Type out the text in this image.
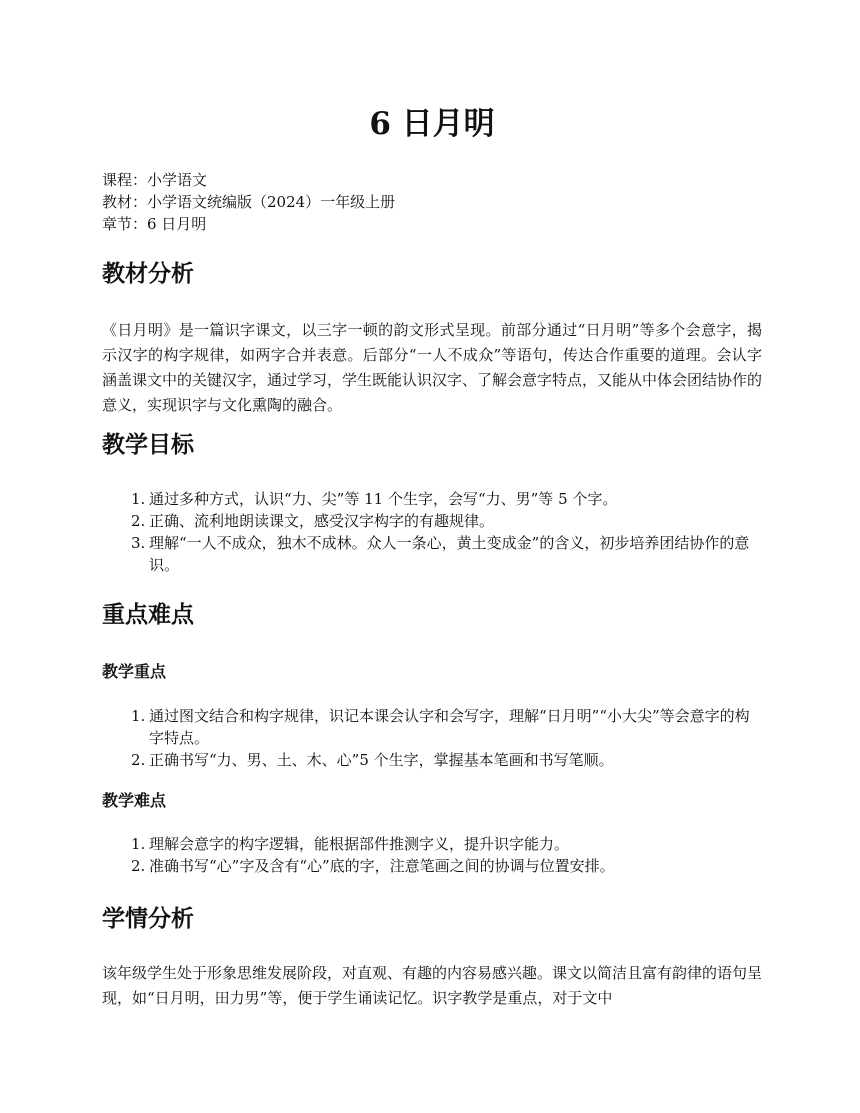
6 日月明
课程：小学语文
教材：小学语文统编版（2024）一年级上册
章节：6 日月明
教材分析

《日月明》是一篇识字课文，以三字一顿的韵文形式呈现。前部分通过“日月明”等多个会意字，揭示汉字的构字规律，如两字合并表意。后部分“一人不成众”等语句，传达合作重要的道理。会认字涵盖课文中的关键汉字，通过学习，学生既能认识汉字、了解会意字特点，又能从中体会团结协作的意义，实现识字与文化熏陶的融合。

教学目标
1. 通过多种方式，认识“力、尖”等 11 个生字，会写“力、男”等 5 个字。
2. 正确、流利地朗读课文，感受汉字构字的有趣规律。
3. 理解“一人不成众，独木不成林。众人一条心，黄土变成金”的含义，初步培养团结协作的意识。
重点难点
教学重点
1. 通过图文结合和构字规律，识记本课会认字和会写字，理解“日月明”“小大尖”等会意字的构字特点。
2. 正确书写“力、男、土、木、心”5 个生字，掌握基本笔画和书写笔顺。
教学难点
1. 理解会意字的构字逻辑，能根据部件推测字义，提升识字能力。
2. 准确书写“心”字及含有“心”底的字，注意笔画之间的协调与位置安排。
学情分析

该年级学生处于形象思维发展阶段，对直观、有趣的内容易感兴趣。课文以简洁且富有韵律的语句呈现，如“日月明，田力男”等，便于学生诵读记忆。识字教学是重点，对于文中
